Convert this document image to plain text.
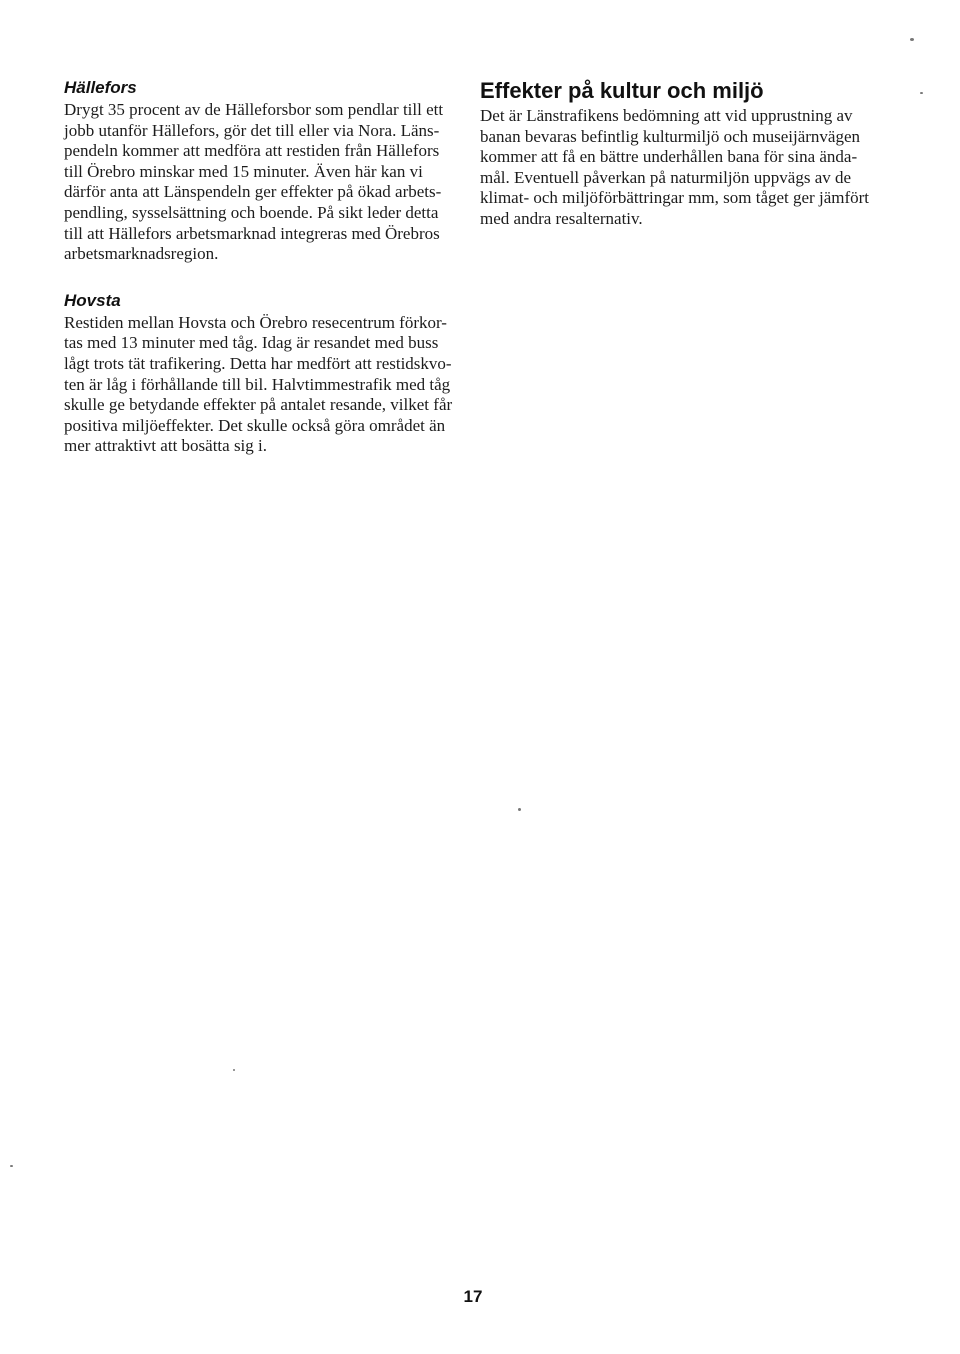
Hällefors

Drygt 35 procent av de Hälleforsbor som pendlar till ett
jobb utanför Hällefors, gör det till eller via Nora. Läns-
pendeln kommer att medföra att restiden från Hällefors
till Örebro minskar med 15 minuter. Även här kan vi
därför anta att Länspendeln ger effekter på ökad arbets-
pendling, sysselsättning och boende. På sikt leder detta
till att Hällefors arbetsmarknad integreras med Örebros
arbetsmarknadsregion.

Hovsta

Restiden mellan Hovsta och Örebro resecentrum förkor-
tas med 13 minuter med tåg. Idag är resandet med buss
lågt trots tät trafikering. Detta har medfört att restidskvo-
ten är låg i förhållande till bil. Halvtimmestrafik med tåg
skulle ge betydande effekter på antalet resande, vilket får
positiva miljöeffekter. Det skulle också göra området än
mer attraktivt att bosätta sig i.

Effekter på kultur och miljö

Det är Länstrafikens bedömning att vid upprustning av
banan bevaras befintlig kulturmiljö och museijärnvägen
kommer att få en bättre underhållen bana för sina ända-
mål. Eventuell påverkan på naturmiljön uppvägs av de
klimat- och miljöförbättringar mm, som tåget ger jämfört
med andra resalternativ.

17
